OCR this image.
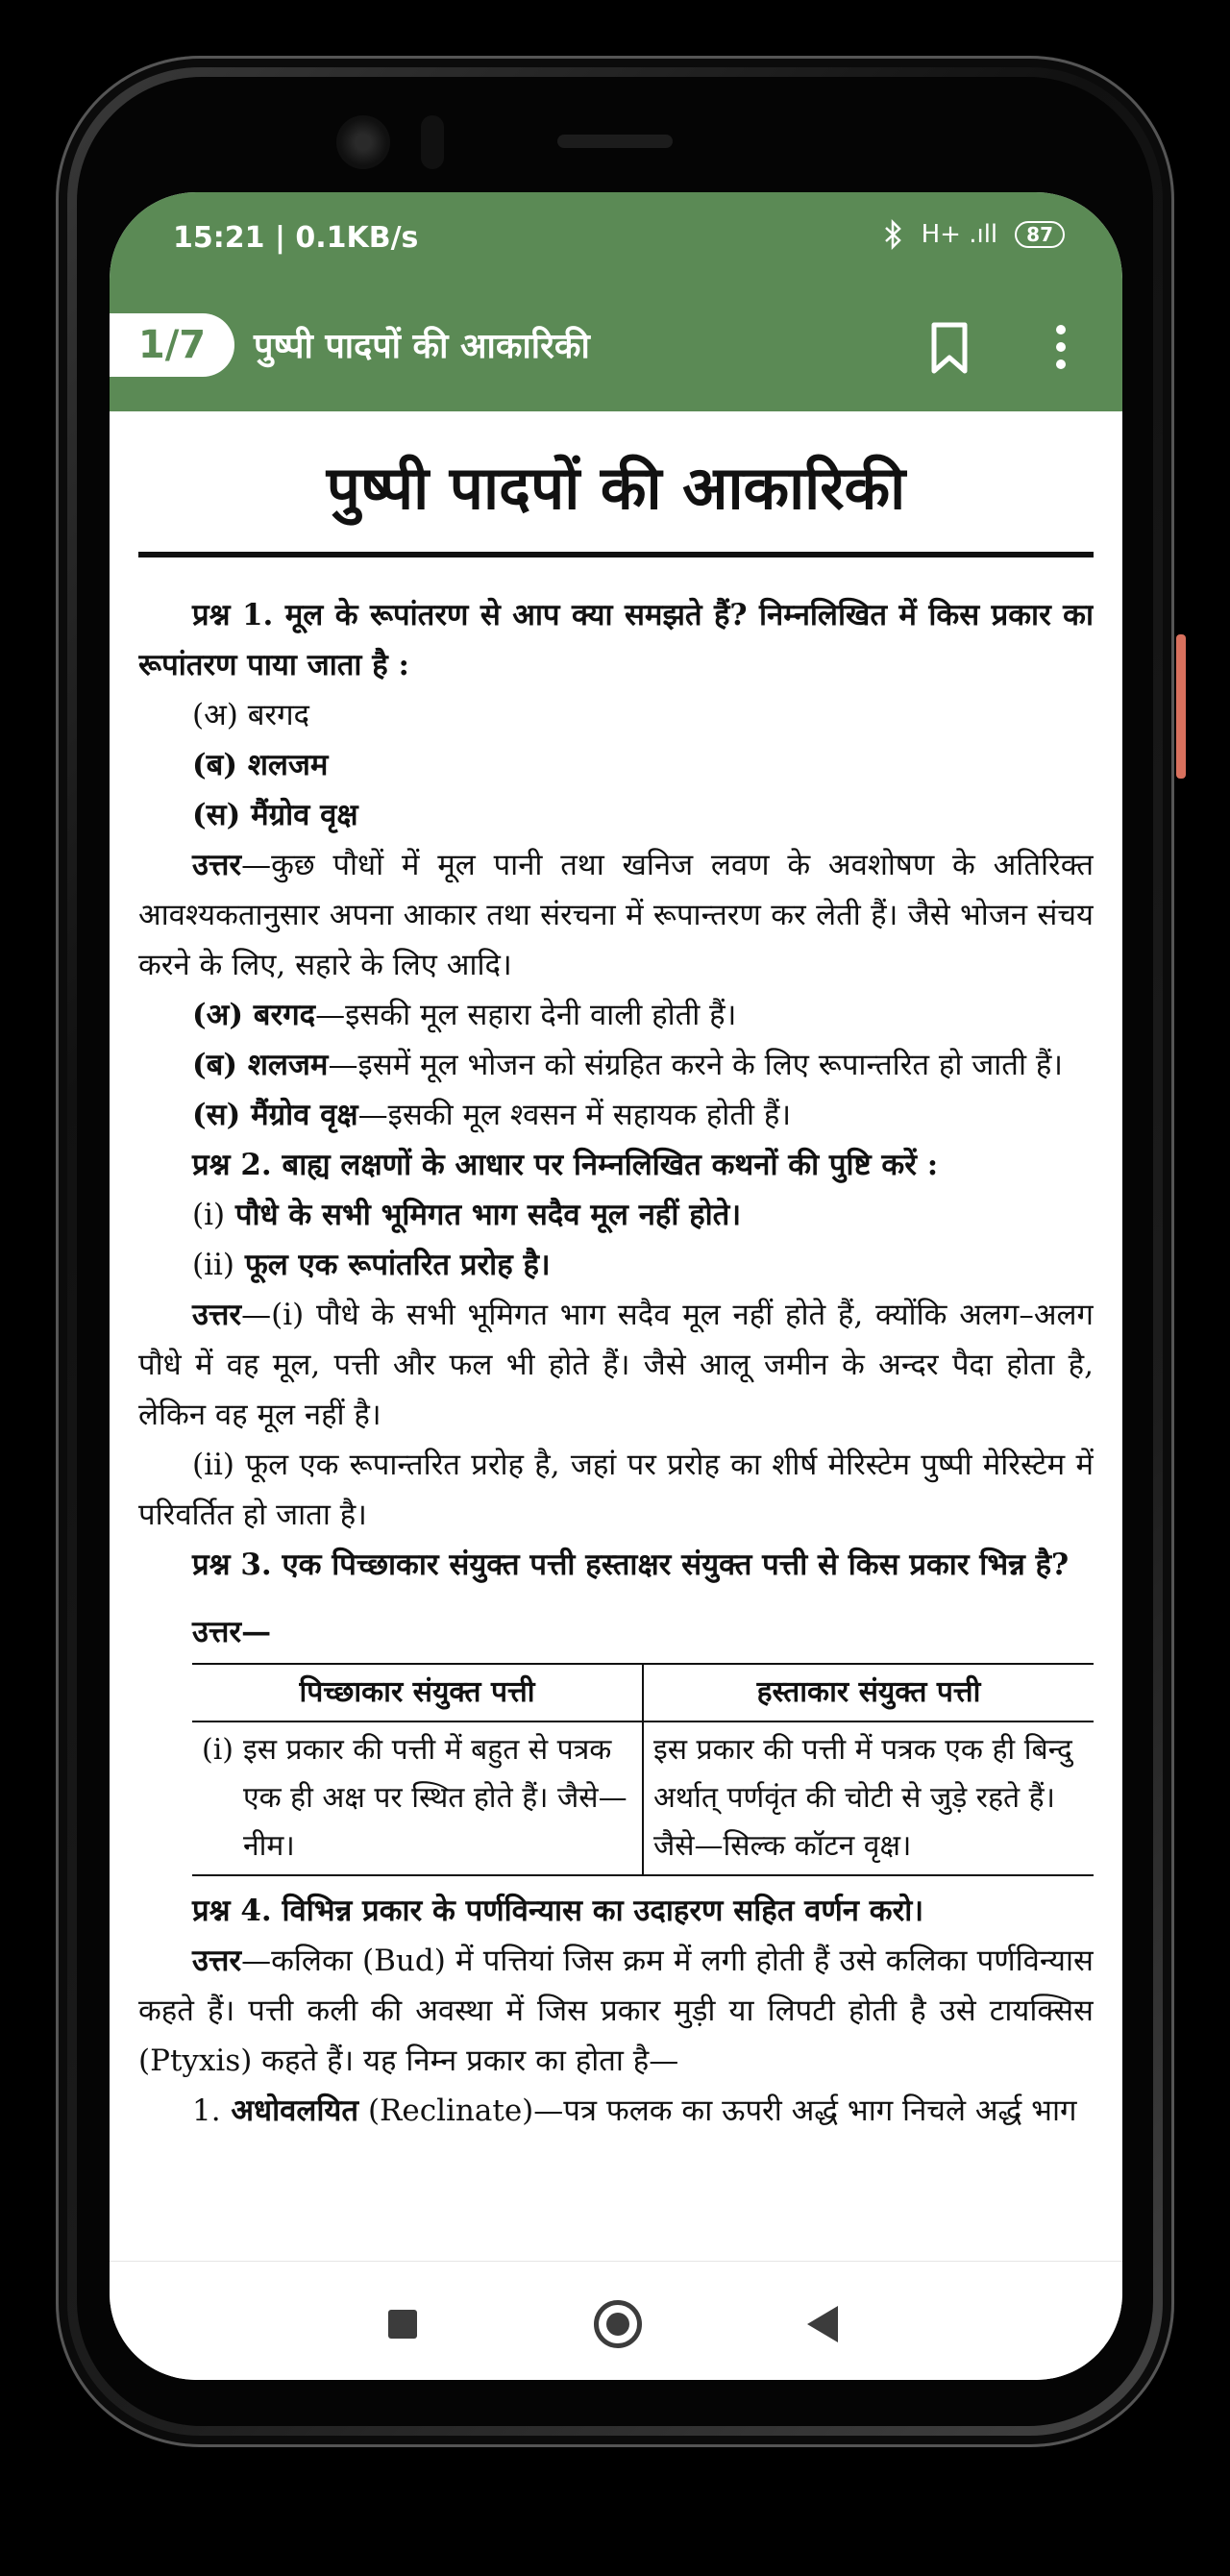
15:21 | 0.1KB/s	H+ .ıll	87
1/7	पुष्पी पादपों की आकारिकी
पुष्पी पादपों की आकारिकी

प्रश्न 1. मूल के रूपांतरण से आप क्या समझते हैं? निम्नलिखित में किस प्रकार का रूपांतरण पाया जाता है :

(अ) बरगद

(ब) शलजम

(स) मैंग्रोव वृक्ष

उत्तर—कुछ पौधों में मूल पानी तथा खनिज लवण के अवशोषण के अतिरिक्त आवश्यकतानुसार अपना आकार तथा संरचना में रूपान्तरण कर लेती हैं। जैसे भोजन संचय करने के लिए, सहारे के लिए आदि।

(अ) बरगद—इसकी मूल सहारा देनी वाली होती हैं।

(ब) शलजम—इसमें मूल भोजन को संग्रहित करने के लिए रूपान्तरित हो जाती हैं।

(स) मैंग्रोव वृक्ष—इसकी मूल श्वसन में सहायक होती हैं।

प्रश्न 2. बाह्य लक्षणों के आधार पर निम्नलिखित कथनों की पुष्टि करें :

(i) पौधे के सभी भूमिगत भाग सदैव मूल नहीं होते।

(ii) फूल एक रूपांतरित प्ररोह है।

उत्तर—(i) पौधे के सभी भूमिगत भाग सदैव मूल नहीं होते हैं, क्योंकि अलग–अलग पौधे में वह मूल, पत्ती और फल भी होते हैं। जैसे आलू जमीन के अन्दर पैदा होता है, लेकिन वह मूल नहीं है।

(ii) फूल एक रूपान्तरित प्ररोह है, जहां पर प्ररोह का शीर्ष मेरिस्टेम पुष्पी मेरिस्टेम में परिवर्तित हो जाता है।

प्रश्न 3. एक पिच्छाकार संयुक्त पत्ती हस्ताक्षर संयुक्त पत्ती से किस प्रकार भिन्न है?

उत्तर—

पिच्छाकार संयुक्त पत्ती	हस्ताकार संयुक्त पत्ती

(i) इस प्रकार की पत्ती में बहुत से पत्रक एक ही अक्ष पर स्थित होते हैं। जैसे—नीम।	इस प्रकार की पत्ती में पत्रक एक ही बिन्दु अर्थात् पर्णवृंत की चोटी से जुड़े रहते हैं। जैसे—सिल्क कॉटन वृक्ष।

प्रश्न 4. विभिन्न प्रकार के पर्णविन्यास का उदाहरण सहित वर्णन करो।

उत्तर—कलिका (Bud) में पत्तियां जिस क्रम में लगी होती हैं उसे कलिका पर्णविन्यास कहते हैं। पत्ती कली की अवस्था में जिस प्रकार मुड़ी या लिपटी होती है उसे टायक्सिस (Ptyxis) कहते हैं। यह निम्न प्रकार का होता है—

1. अधोवलयित (Reclinate)—पत्र फलक का ऊपरी अर्द्ध भाग निचले अर्द्ध भाग
